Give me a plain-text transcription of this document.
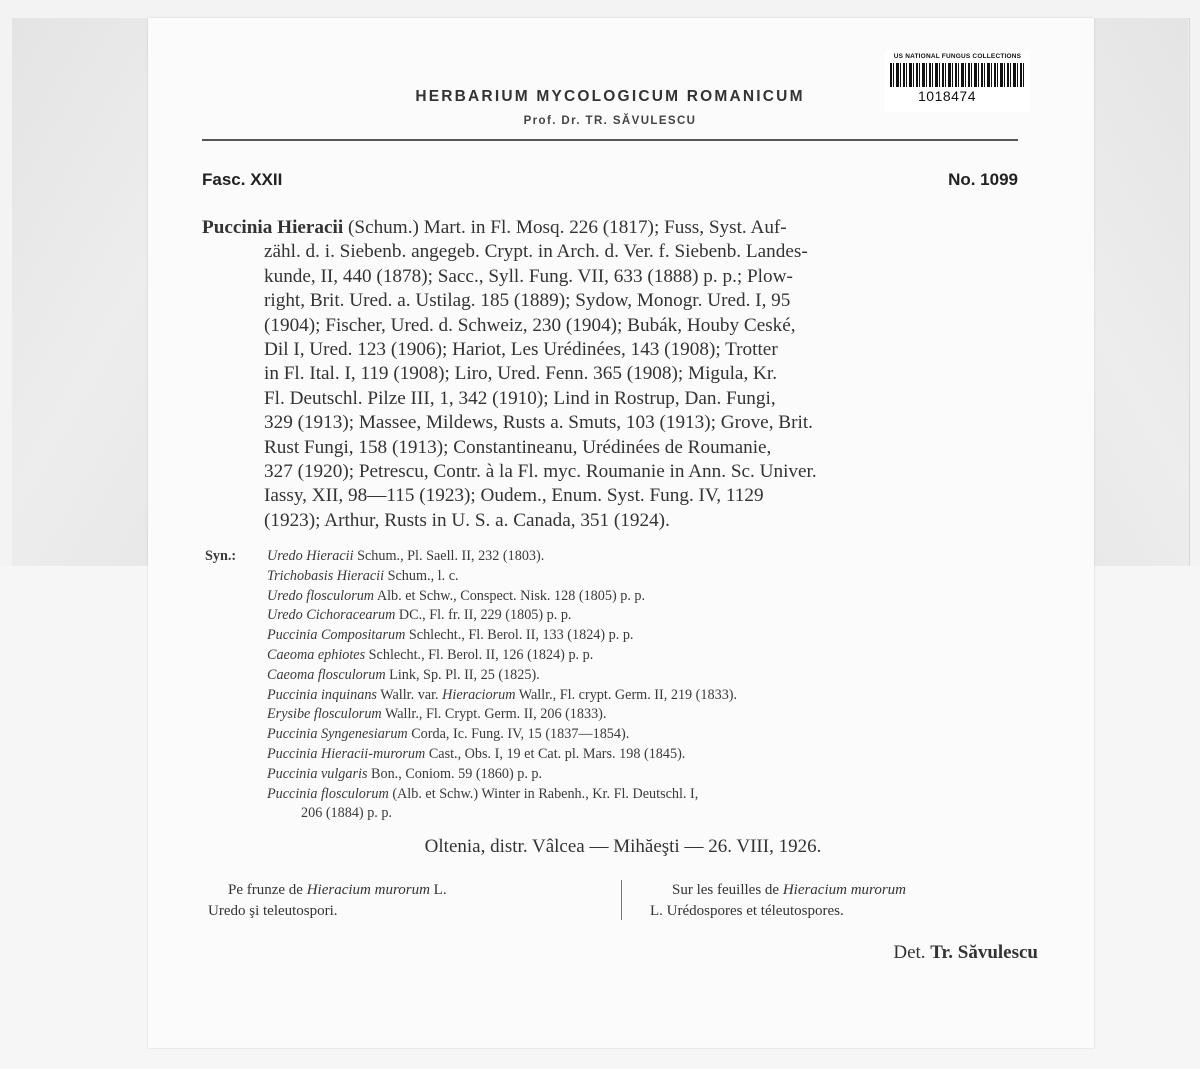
US NATIONAL FUNGUS COLLECTIONS
1018474
HERBARIUM MYCOLOGICUM ROMANICUM
Prof. Dr. TR. SĂVULESCU
Fasc. XXII	No. 1099
Puccinia Hieracii (Schum.) Mart. in Fl. Mosq. 226 (1817); Fuss, Syst. Auf-
zähl. d. i. Siebenb. angegeb. Crypt. in Arch. d. Ver. f. Siebenb. Landes-
kunde, II, 440 (1878); Sacc., Syll. Fung. VII, 633 (1888) p. p.; Plow-
right, Brit. Ured. a. Ustilag. 185 (1889); Sydow, Monogr. Ured. I, 95
(1904); Fischer, Ured. d. Schweiz, 230 (1904); Bubák, Houby Ceské,
Dil I, Ured. 123 (1906); Hariot, Les Urédinées, 143 (1908); Trotter
in Fl. Ital. I, 119 (1908); Liro, Ured. Fenn. 365 (1908); Migula, Kr.
Fl. Deutschl. Pilze III, 1, 342 (1910); Lind in Rostrup, Dan. Fungi,
329 (1913); Massee, Mildews, Rusts a. Smuts, 103 (1913); Grove, Brit.
Rust Fungi, 158 (1913); Constantineanu, Urédinées de Roumanie,
327 (1920); Petrescu, Contr. à la Fl. myc. Roumanie in Ann. Sc. Univer.
Iassy, XII, 98—115 (1923); Oudem., Enum. Syst. Fung. IV, 1129
(1923); Arthur, Rusts in U. S. a. Canada, 351 (1924).
Syn.: Uredo Hieracii Schum., Pl. Saell. II, 232 (1803).
Trichobasis Hieracii Schum., l. c.
Uredo flosculorum Alb. et Schw., Conspect. Nisk. 128 (1805) p. p.
Uredo Cichoracearum DC., Fl. fr. II, 229 (1805) p. p.
Puccinia Compositarum Schlecht., Fl. Berol. II, 133 (1824) p. p.
Caeoma ephiotes Schlecht., Fl. Berol. II, 126 (1824) p. p.
Caeoma flosculorum Link, Sp. Pl. II, 25 (1825).
Puccinia inquinans Wallr. var. Hieraciorum Wallr., Fl. crypt. Germ. II, 219 (1833).
Erysibe flosculorum Wallr., Fl. Crypt. Germ. II, 206 (1833).
Puccinia Syngenesiarum Corda, Ic. Fung. IV, 15 (1837—1854).
Puccinia Hieracii-murorum Cast., Obs. I, 19 et Cat. pl. Mars. 198 (1845).
Puccinia vulgaris Bon., Coniom. 59 (1860) p. p.
Puccinia flosculorum (Alb. et Schw.) Winter in Rabenh., Kr. Fl. Deutschl. I,
206 (1884) p. p.
Oltenia, distr. Vâlcea — Mihăeşti — 26. VIII, 1926.
Pe frunze de Hieracium murorum L.
Uredo şi teleutospori.
Sur les feuilles de Hieracium murorum
L. Urédospores et téleutospores.
Det. Tr. Săvulescu
